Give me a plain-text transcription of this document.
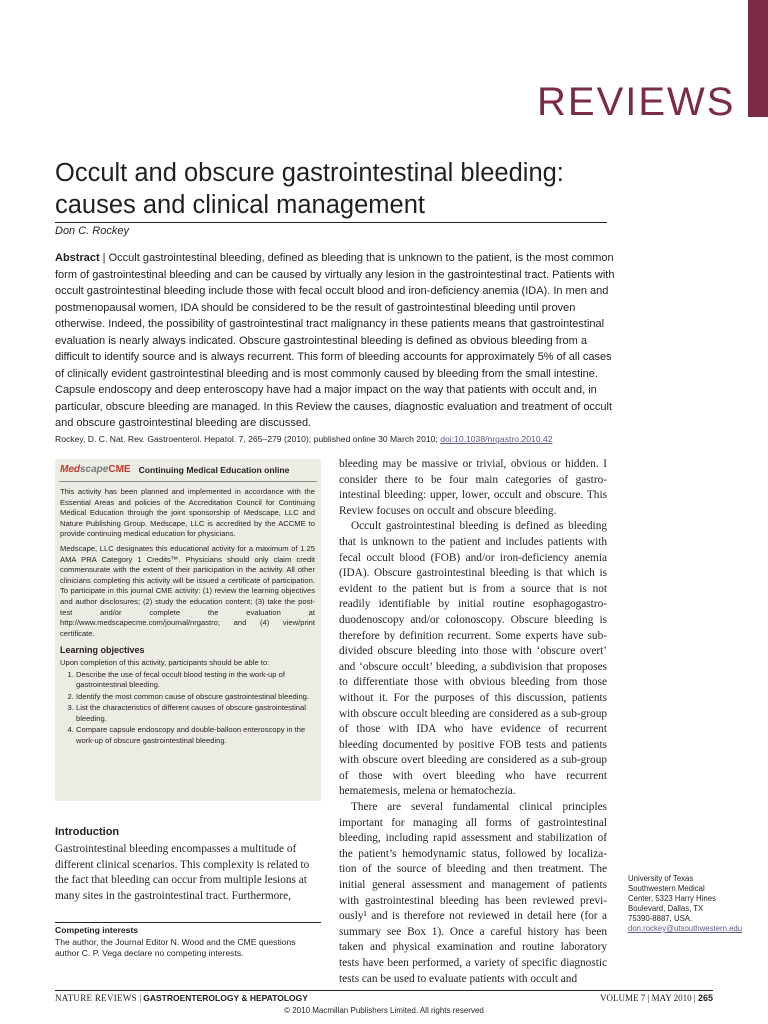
REVIEWS
Occult and obscure gastrointestinal bleeding: causes and clinical management
Don C. Rockey

Abstract | Occult gastrointestinal bleeding, defined as bleeding that is unknown to the patient, is the most common form of gastrointestinal bleeding and can be caused by virtually any lesion in the gastrointestinal tract. Patients with occult gastrointestinal bleeding include those with fecal occult blood and iron-deficiency anemia (IDA). In men and postmenopausal women, IDA should be considered to be the result of gastrointestinal bleeding until proven otherwise. Indeed, the possibility of gastrointestinal tract malignancy in these patients means that gastrointestinal evaluation is nearly always indicated. Obscure gastrointestinal bleeding is defined as obvious bleeding from a difficult to identify source and is always recurrent. This form of bleeding accounts for approximately 5% of all cases of clinically evident gastrointestinal bleeding and is most commonly caused by bleeding from the small intestine. Capsule endoscopy and deep enteroscopy have had a major impact on the way that patients with occult and, in particular, obscure bleeding are managed. In this Review the causes, diagnostic evaluation and treatment of occult and obscure gastrointestinal bleeding are discussed.

Rockey, D. C. Nat. Rev. Gastroenterol. Hepatol. 7, 265–279 (2010); published online 30 March 2010; doi:10.1038/nrgastro.2010.42
MedscapeCME Continuing Medical Education online

This activity has been planned and implemented in accordance with the Essential Areas and policies of the Accreditation Council for Continuing Medical Education through the joint sponsorship of Medscape, LLC and Nature Publishing Group. Medscape, LLC is accredited by the ACCME to provide continuing medical education for physicians.

Medscape, LLC designates this educational activity for a maximum of 1.25 AMA PRA Category 1 Credits™. Physicians should only claim credit commensurate with the extent of their participation in the activity. All other clinicians completing this activity will be issued a certificate of participation. To participate in this journal CME activity: (1) review the learning objectives and author disclosures; (2) study the education content; (3) take the post-test and/or complete the evaluation at http://www.medscapecme.com/journal/nrgastro; and (4) view/print certificate.

Learning objectives

Upon completion of this activity, participants should be able to:

1. Describe the use of fecal occult blood testing in the work-up of gastrointestinal bleeding.
2. Identify the most common cause of obscure gastrointestinal bleeding.
3. List the characteristics of different causes of obscure gastrointestinal bleeding.
4. Compare capsule endoscopy and double-balloon enteroscopy in the work-up of obscure gastrointestinal bleeding.
Introduction

Gastrointestinal bleeding encompasses a multitude of different clinical scenarios. This complexity is related to the fact that bleeding can occur from multiple lesions at many sites in the gastrointestinal tract. Furthermore,

Competing interests
The author, the Journal Editor N. Wood and the CME questions author C. P. Vega declare no competing interests.

bleeding may be massive or trivial, obvious or hidden. I consider there to be four main categories of gastro-intestinal bleeding: upper, lower, occult and obscure. This Review focuses on occult and obscure bleeding.

Occult gastrointestinal bleeding is defined as bleeding that is unknown to the patient and includes patients with fecal occult blood (FOB) and/or iron-deficiency anemia (IDA). Obscure gastrointestinal bleeding is that which is evident to the patient but is from a source that is not readily identifiable by initial routine esophagogastro-duodenoscopy and/or colonoscopy. Obscure bleeding is therefore by definition recurrent. Some experts have sub-divided obscure bleeding into those with ‘obscure overt’ and ‘obscure occult’ bleeding, a subdivision that proposes to differentiate those with obvious bleeding from those without it. For the purposes of this discussion, patients with obscure occult bleeding are considered as a sub-group of those with IDA who have evidence of recurrent bleeding documented by positive FOB tests and patients with obscure overt bleeding are considered as a sub-group of those with overt bleeding who have recurrent hematemesis, melena or hematochezia.

There are several fundamental clinical principles important for managing all forms of gastrointestinal bleeding, including rapid assessment and stabilization of the patient’s hemodynamic status, followed by localiza-tion of the source of bleeding and then treatment. The initial general assessment and management of patients with gastrointestinal bleeding has been reviewed previ-ously¹ and is therefore not reviewed in detail here (for a summary see Box 1). Once a careful history has been taken and physical examination and routine laboratory tests have been performed, a variety of specific diagnostic tests can be used to evaluate patients with occult and

University of Texas Southwestern Medical Center, 5323 Harry Hines Boulevard, Dallas, TX 75390-8887, USA.
don.rockey@utsouthwestern.edu
NATURE REVIEWS | GASTROENTEROLOGY & HEPATOLOGY	VOLUME 7 | MAY 2010 | 265
© 2010 Macmillan Publishers Limited. All rights reserved
